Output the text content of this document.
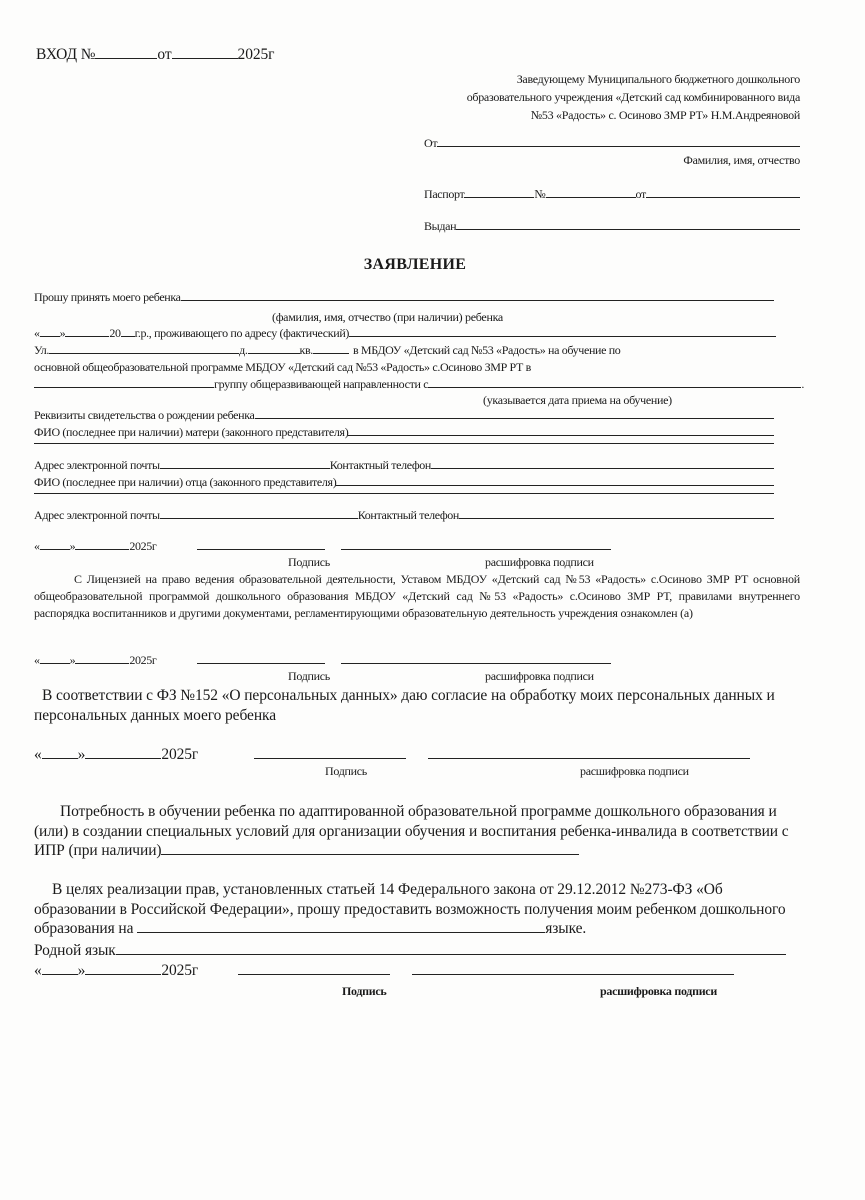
ВХОД №	от	2025г
Заведующему Муниципального бюджетного дошкольного
образовательного учреждения «Детский сад комбинированного вида
№53 «Радость» с. Осиново ЗМР РТ» Н.М.Андреяновой
От
Фамилия, имя, отчество
Паспорт	№	от
Выдан
ЗАЯВЛЕНИЕ
Прошу принять моего ребенка
(фамилия, имя, отчество (при наличии) ребенка
« »	20 г.р., проживающего по адресу (фактический)
Ул.	д.	кв.	в МБДОУ «Детский сад №53 «Радость» на обучение по
основной общеобразовательной программе МБДОУ «Детский сад №53 «Радость» с.Осиново ЗМР РТ в
группу общеразвивающей направленности с	.
(указывается дата приема на обучение)
Реквизиты свидетельства о рождении ребенка
ФИО (последнее при наличии) матери (законного представителя)
Адрес электронной почты	Контактный телефон
ФИО (последнее при наличии) отца (законного представителя)
Адрес электронной почты	Контактный телефон
«	»	2025г
Подпись	расшифровка подписи
С Лицензией на право ведения образовательной деятельности, Уставом МБДОУ «Детский сад №53 «Радость» с.Осиново ЗМР РТ основной общеобразовательной программой дошкольного образования МБДОУ «Детский сад №53 «Радость» с.Осиново ЗМР РТ, правилами внутреннего распорядка воспитанников и другими документами, регламентирующими образовательную деятельность учреждения ознакомлен (а)
«	»	2025г
Подпись	расшифровка подписи
В соответствии с ФЗ №152 «О персональных данных» даю согласие на обработку моих персональных данных и персональных данных моего ребенка
« »	2025г
Подпись	расшифровка подписи
Потребность в обучении ребенка по адаптированной образовательной программе дошкольного образования и (или) в создании специальных условий для организации обучения и воспитания ребенка-инвалида в соответствии с ИПР (при наличии)
В целях реализации прав, установленных статьей 14 Федерального закона от 29.12.2012 №273-ФЗ «Об образовании в Российской Федерации», прошу предоставить возможность получения моим ребенком дошкольного образования на	языке.
Родной язык
« »	2025г
Подпись	расшифровка подписи
